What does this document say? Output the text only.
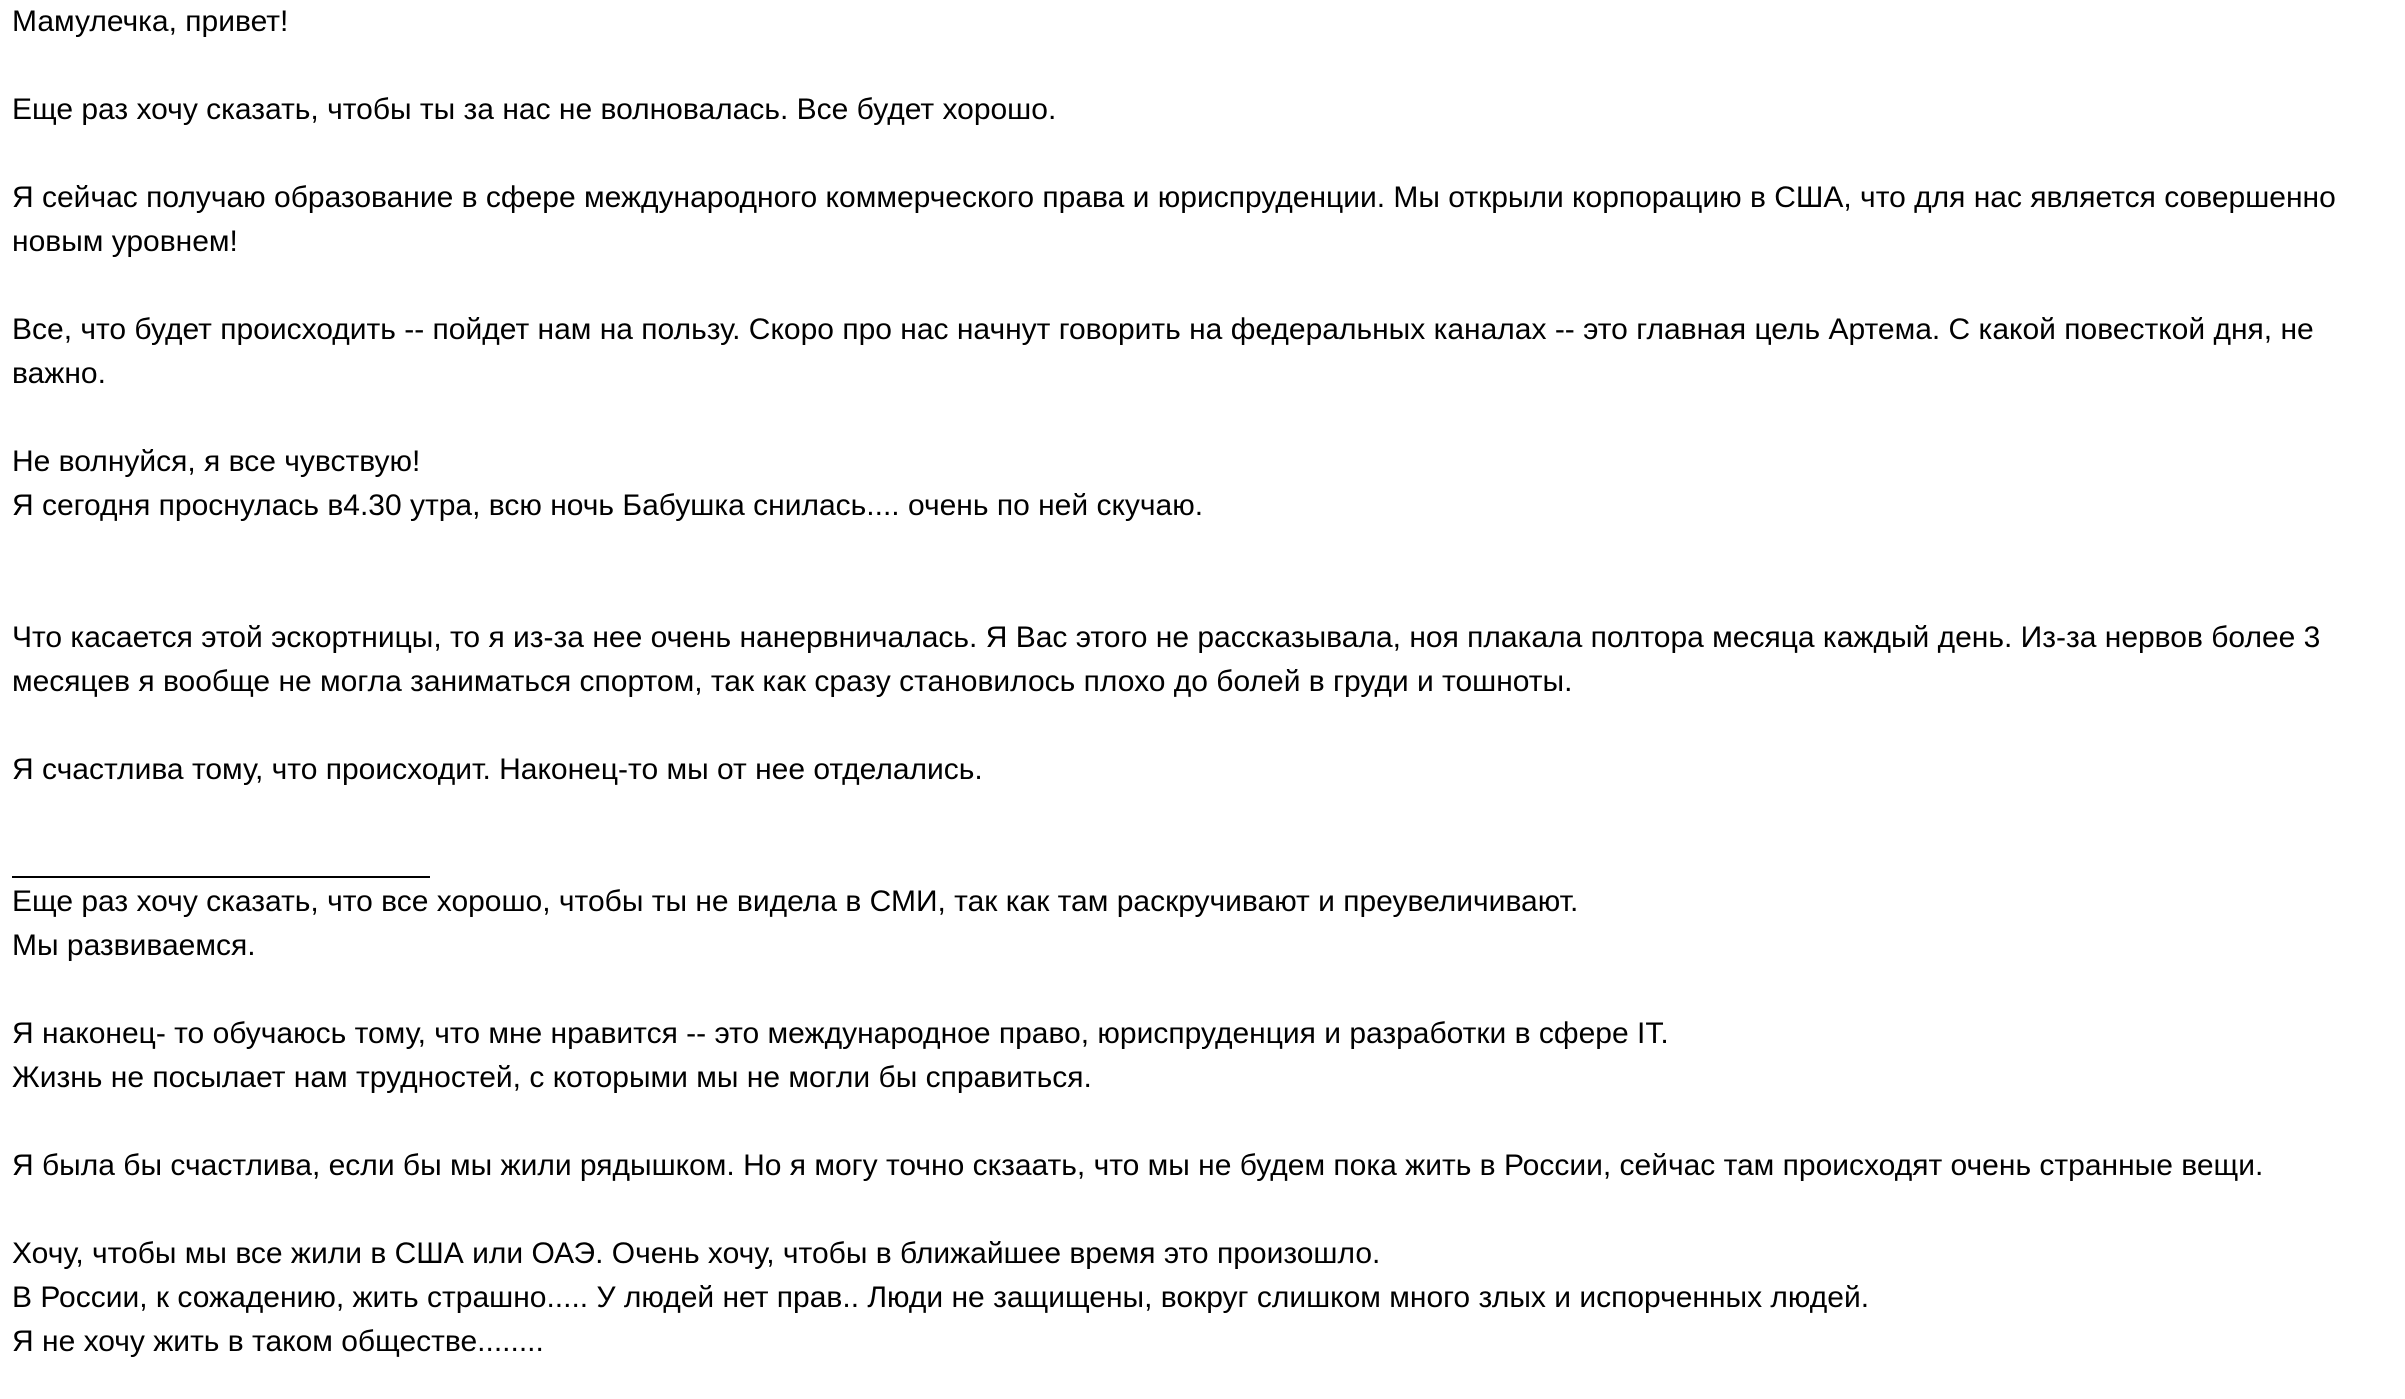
Мамулечка, привет!
Еще раз хочу сказать, чтобы ты за нас не волновалась. Все будет хорошо.
Я сейчас получаю образование в сфере международного коммерческого права и юриспруденции. Мы открыли корпорацию в США, что для нас является совершенно
новым уровнем!
Все, что будет происходить -- пойдет нам на пользу. Скоро про нас начнут говорить на федеральных каналах -- это главная цель Артема. С какой повесткой дня, не
важно.
Не волнуйся, я все чувствую!
Я сегодня проснулась в4.30 утра, всю ночь Бабушка снилась.... очень по ней скучаю.
Что касается этой эскортницы, то я из-за нее очень нанервничалась. Я Вас этого не рассказывала, ноя плакала полтора месяца каждый день. Из-за нервов более 3
месяцев я вообще не могла заниматься спортом, так как сразу становилось плохо до болей в груди и тошноты.
Я счастлива тому, что происходит. Наконец-то мы от нее отделались.
Еще раз хочу сказать, что все хорошо, чтобы ты не видела в СМИ, так как там раскручивают и преувеличивают.
Мы развиваемся.
Я наконец- то обучаюсь тому, что мне нравится -- это международное право, юриспруденция и разработки в сфере IT.
Жизнь не посылает нам трудностей, с которыми мы не могли бы справиться.
Я была бы счастлива, если бы мы жили рядышком. Но я могу точно скзаать, что мы не будем пока жить в России, сейчас там происходят очень странные вещи.
Хочу, чтобы мы все жили в США или ОАЭ. Очень хочу, чтобы в ближайшее время это произошло.
В России, к сожадению, жить страшно..... У людей нет прав.. Люди не защищены, вокруг слишком много злых и испорченных людей.
Я не хочу жить в таком обществе........
